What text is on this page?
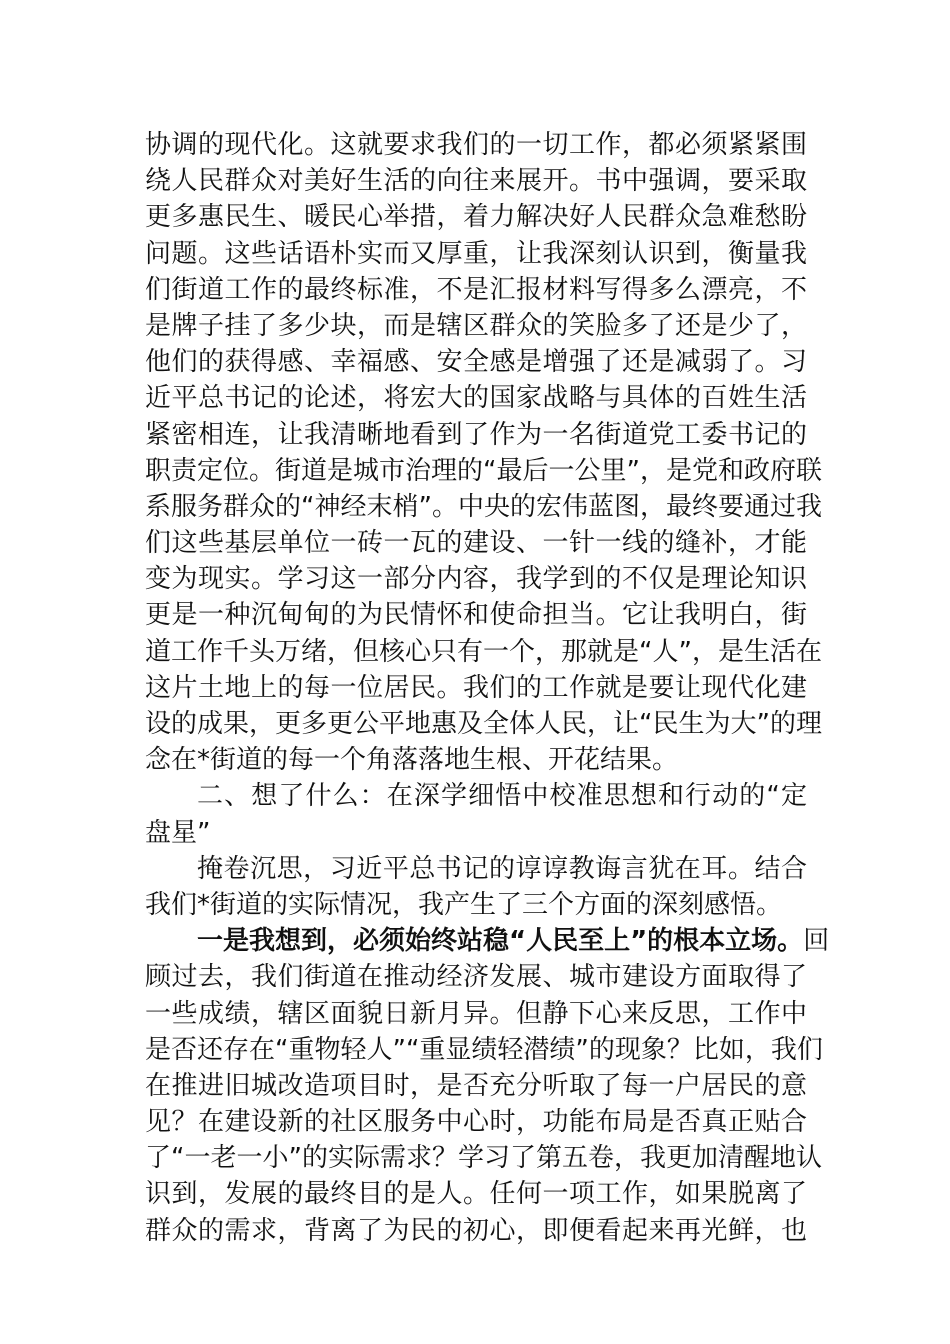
协调的现代化。这就要求我们的一切工作，都必须紧紧围
绕人民群众对美好生活的向往来展开。书中强调，要采取
更多惠民生、暖民心举措，着力解决好人民群众急难愁盼
问题。这些话语朴实而又厚重，让我深刻认识到，衡量我
们街道工作的最终标准，不是汇报材料写得多么漂亮，不
是牌子挂了多少块，而是辖区群众的笑脸多了还是少了，
他们的获得感、幸福感、安全感是增强了还是减弱了。习
近平总书记的论述，将宏大的国家战略与具体的百姓生活
紧密相连，让我清晰地看到了作为一名街道党工委书记的
职责定位。街道是城市治理的“最后一公里”，是党和政府联
系服务群众的“神经末梢”。中央的宏伟蓝图，最终要通过我
们这些基层单位一砖一瓦的建设、一针一线的缝补，才能
变为现实。学习这一部分内容，我学到的不仅是理论知识
更是一种沉甸甸的为民情怀和使命担当。它让我明白，街
道工作千头万绪，但核心只有一个，那就是“人”，是生活在
这片土地上的每一位居民。我们的工作就是要让现代化建
设的成果，更多更公平地惠及全体人民，让“民生为大”的理
念在*街道的每一个角落落地生根、开花结果。
二、想了什么：在深学细悟中校准思想和行动的“定
盘星”
掩卷沉思，习近平总书记的谆谆教诲言犹在耳。结合
我们*街道的实际情况，我产生了三个方面的深刻感悟。
一是我想到，必须始终站稳“人民至上”的根本立场。回
顾过去，我们街道在推动经济发展、城市建设方面取得了
一些成绩，辖区面貌日新月异。但静下心来反思，工作中
是否还存在“重物轻人”“重显绩轻潜绩”的现象？比如，我们
在推进旧城改造项目时，是否充分听取了每一户居民的意
见？在建设新的社区服务中心时，功能布局是否真正贴合
了“一老一小”的实际需求？学习了第五卷，我更加清醒地认
识到，发展的最终目的是人。任何一项工作，如果脱离了
群众的需求，背离了为民的初心，即便看起来再光鲜，也
